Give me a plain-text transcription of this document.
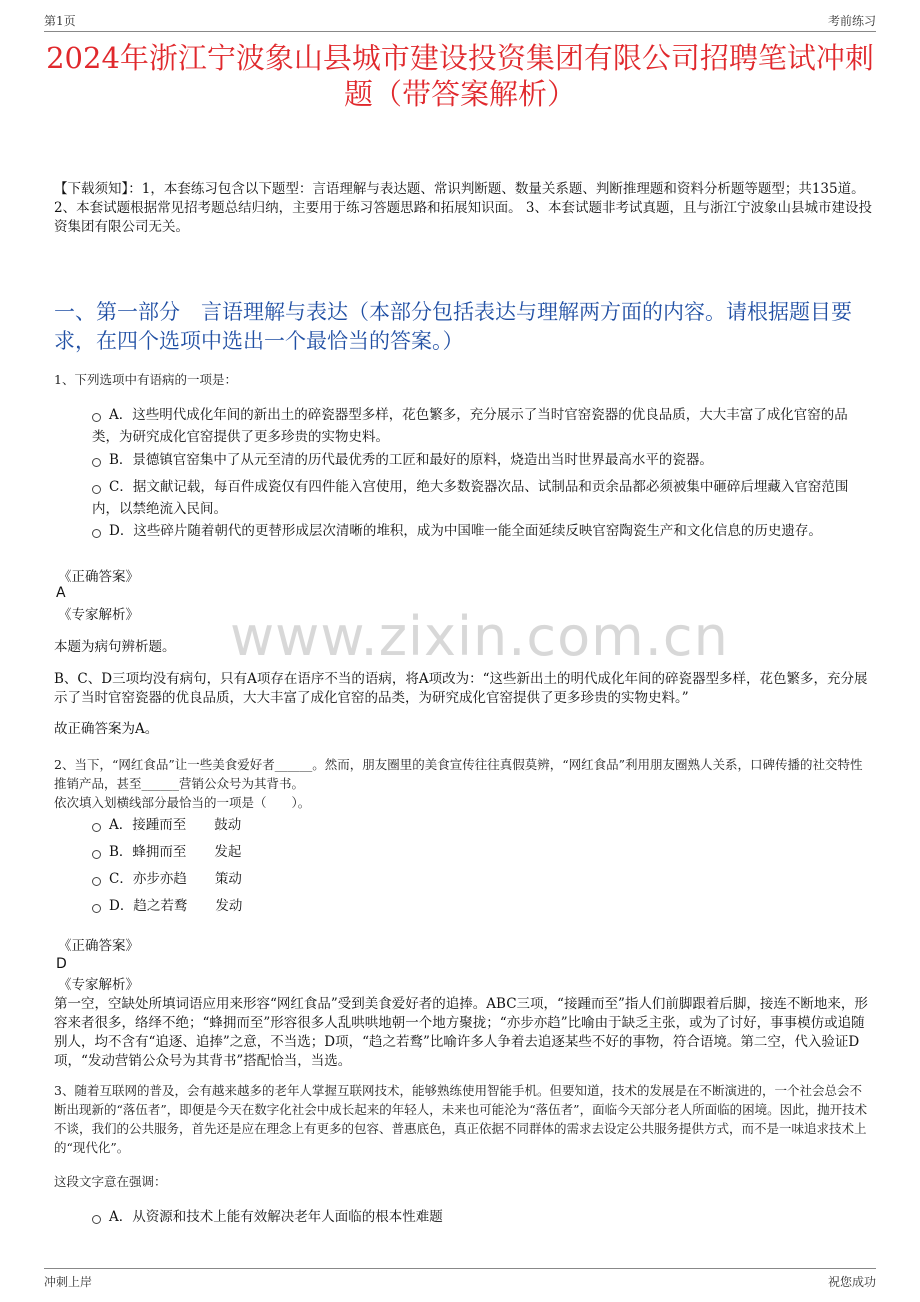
第1页	考前练习
2024年浙江宁波象山县城市建设投资集团有限公司招聘笔试冲刺题（带答案解析）
【下载须知】：1，本套练习包含以下题型：言语理解与表达题、常识判断题、数量关系题、判断推理题和资料分析题等题型；共135道。 2、本套试题根据常见招考题总结归纳，主要用于练习答题思路和拓展知识面。 3、本套试题非考试真题，且与浙江宁波象山县城市建设投资集团有限公司无关。
一、第一部分　言语理解与表达（本部分包括表达与理解两方面的内容。请根据题目要求，在四个选项中选出一个最恰当的答案。）
1、下列选项中有语病的一项是：
A．这些明代成化年间的新出土的碎瓷器型多样，花色繁多，充分展示了当时官窑瓷器的优良品质，大大丰富了成化官窑的品类，为研究成化官窑提供了更多珍贵的实物史料。
B．景德镇官窑集中了从元至清的历代最优秀的工匠和最好的原料，烧造出当时世界最高水平的瓷器。
C．据文献记载，每百件成瓷仅有四件能入宫使用，绝大多数瓷器次品、试制品和贡余品都必须被集中砸碎后埋藏入官窑范围内，以禁绝流入民间。
D．这些碎片随着朝代的更替形成层次清晰的堆积，成为中国唯一能全面延续反映官窑陶瓷生产和文化信息的历史遗存。
《正确答案》
A
《专家解析》 www.zixin.com.cn
本题为病句辨析题。
B、C、D三项均没有病句，只有A项存在语序不当的语病，将A项改为：“这些新出土的明代成化年间的碎瓷器型多样，花色繁多，充分展示了当时官窑瓷器的优良品质，大大丰富了成化官窑的品类，为研究成化官窑提供了更多珍贵的实物史料。”
故正确答案为A。
2、当下，“网红食品”让一些美食爱好者______。然而，朋友圈里的美食宣传往往真假莫辨，“网红食品”利用朋友圈熟人关系，口碑传播的社交特性推销产品，甚至______营销公众号为其背书。
依次填入划横线部分最恰当的一项是（　　）。
A．接踵而至 鼓动
B．蜂拥而至 发起
C．亦步亦趋 策动
D．趋之若鹜 发动
《正确答案》
D
《专家解析》
第一空，空缺处所填词语应用来形容“网红食品”受到美食爱好者的追捧。ABC三项，“接踵而至”指人们前脚跟着后脚，接连不断地来，形容来者很多，络绎不绝；“蜂拥而至”形容很多人乱哄哄地朝一个地方聚拢；“亦步亦趋”比喻由于缺乏主张，或为了讨好，事事模仿或追随别人，均不含有“追逐、追捧”之意，不当选；D项，“趋之若鹜”比喻许多人争着去追逐某些不好的事物，符合语境。第二空，代入验证D项，“发动营销公众号为其背书”搭配恰当，当选。
3、随着互联网的普及，会有越来越多的老年人掌握互联网技术，能够熟练使用智能手机。但要知道，技术的发展是在不断演进的，一个社会总会不断出现新的“落伍者”，即便是今天在数字化社会中成长起来的年轻人，未来也可能沦为“落伍者”，面临今天部分老人所面临的困境。因此，抛开技术不谈，我们的公共服务，首先还是应在理念上有更多的包容、普惠底色，真正依据不同群体的需求去设定公共服务提供方式，而不是一味追求技术上的“现代化”。
这段文字意在强调：
A．从资源和技术上能有效解决老年人面临的根本性难题
冲刺上岸	祝您成功
